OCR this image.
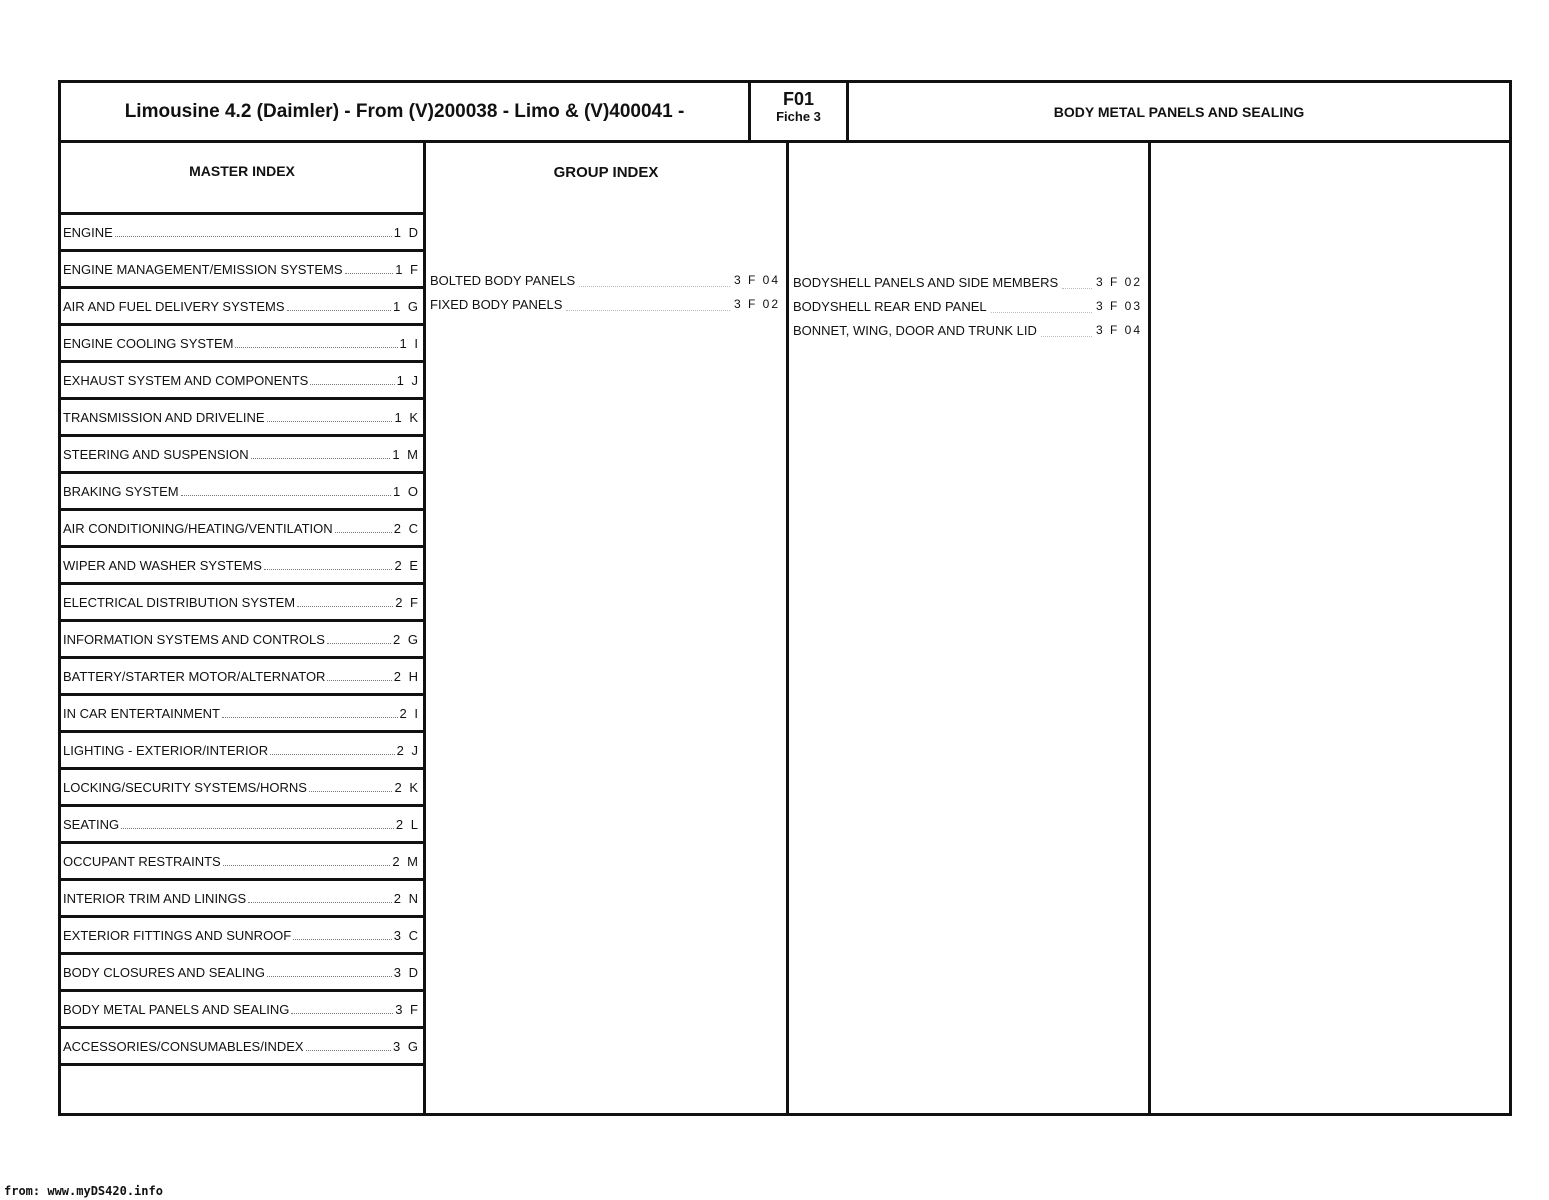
Limousine 4.2 (Daimler) - From (V)200038 - Limo & (V)400041 -
F01
Fiche 3	BODY METAL PANELS AND SEALING
MASTER INDEX
ENGINE	1 D
ENGINE MANAGEMENT/EMISSION SYSTEMS	1 F
AIR AND FUEL DELIVERY SYSTEMS	1 G
ENGINE COOLING SYSTEM	1 I
EXHAUST SYSTEM AND COMPONENTS	1 J
TRANSMISSION AND DRIVELINE	1 K
STEERING AND SUSPENSION	1 M
BRAKING SYSTEM	1 O
AIR CONDITIONING/HEATING/VENTILATION	2 C
WIPER AND WASHER SYSTEMS	2 E
ELECTRICAL DISTRIBUTION SYSTEM	2 F
INFORMATION SYSTEMS AND CONTROLS	2 G
BATTERY/STARTER MOTOR/ALTERNATOR	2 H
IN CAR ENTERTAINMENT	2 I
LIGHTING - EXTERIOR/INTERIOR	2 J
LOCKING/SECURITY SYSTEMS/HORNS	2 K
SEATING	2 L
OCCUPANT RESTRAINTS	2 M
INTERIOR TRIM AND LININGS	2 N
EXTERIOR FITTINGS AND SUNROOF	3 C
BODY CLOSURES AND SEALING	3 D
BODY METAL PANELS AND SEALING	3 F
ACCESSORIES/CONSUMABLES/INDEX	3 G
GROUP INDEX
BOLTED BODY PANELS	3 F 04
FIXED BODY PANELS	3 F 02
BODYSHELL PANELS AND SIDE MEMBERS	3 F 02
BODYSHELL REAR END PANEL	3 F 03
BONNET, WING, DOOR AND TRUNK LID	3 F 04
from: www.myDS420.info
